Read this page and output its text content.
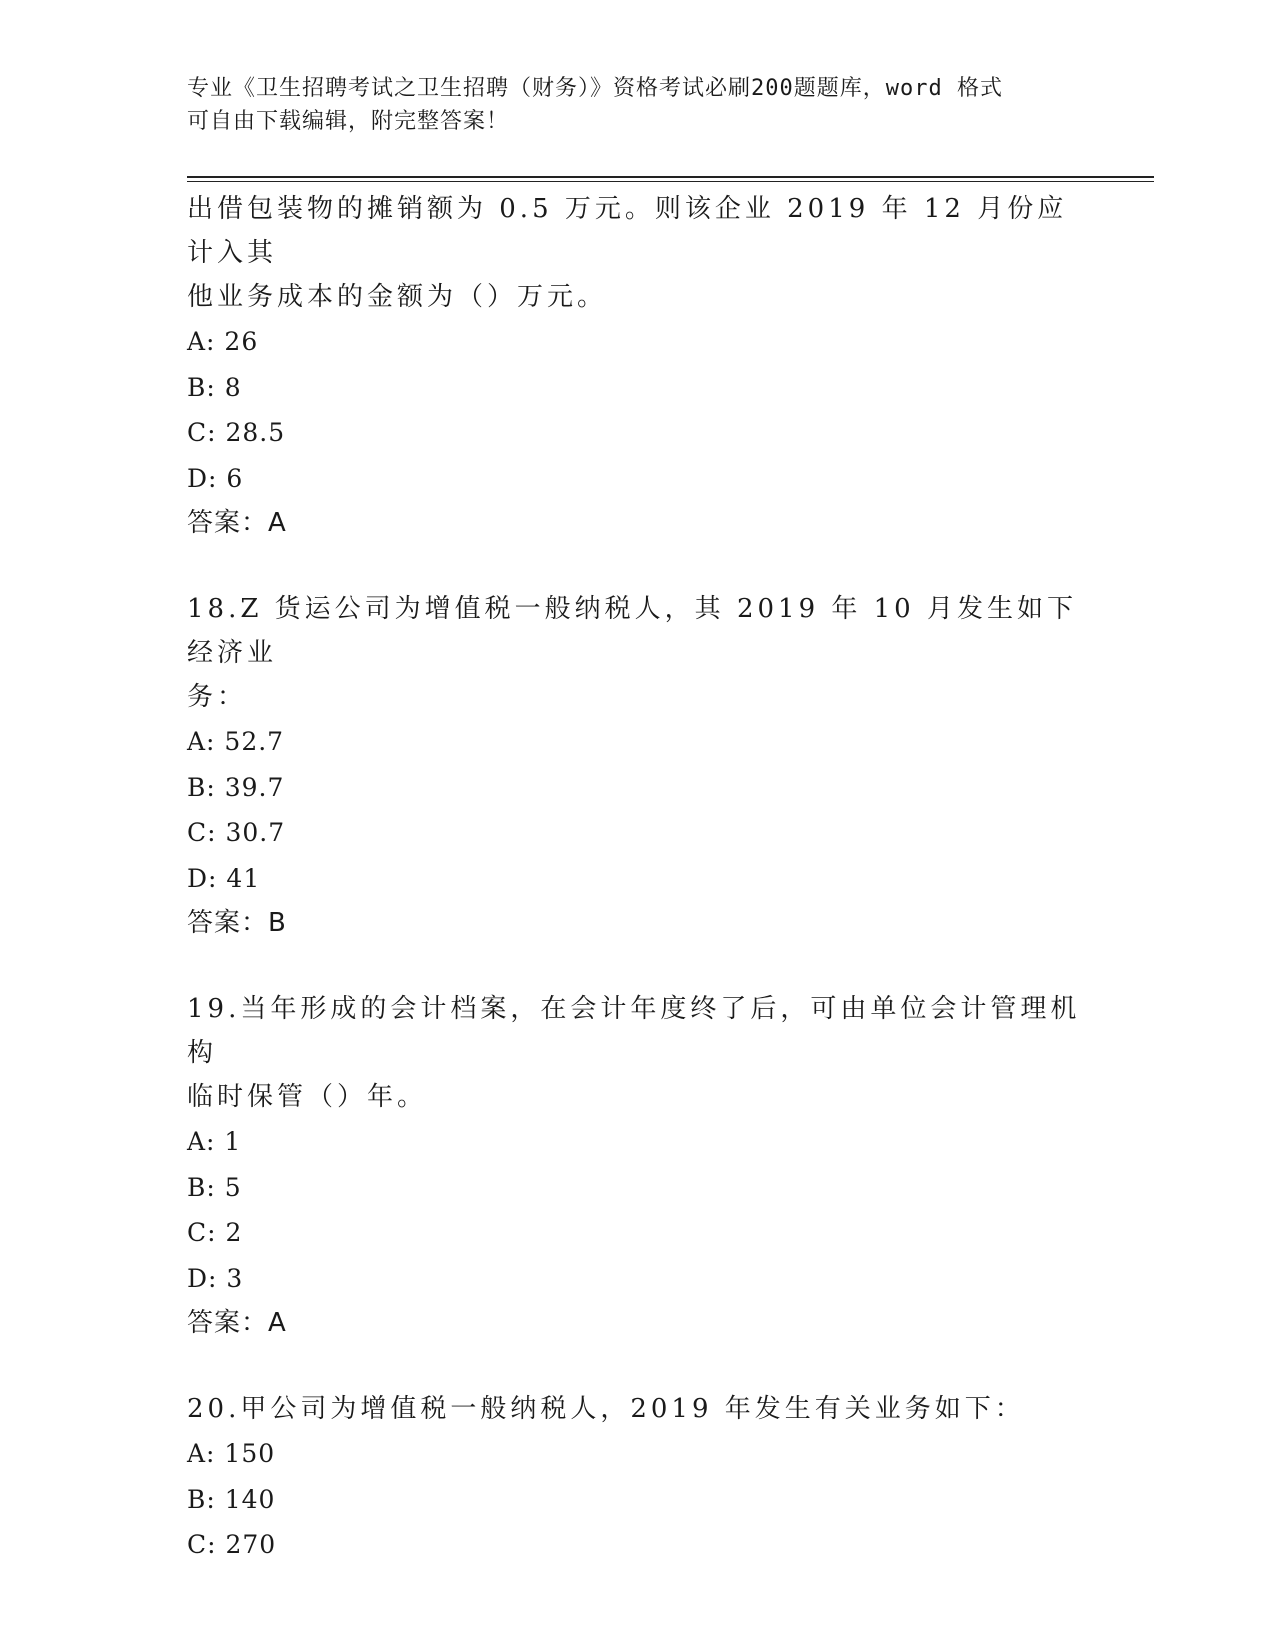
专业《卫生招聘考试之卫生招聘（财务）》资格考试必刷200题题库，word 格式
可自由下载编辑，附完整答案！

出借包装物的摊销额为 0.5 万元。则该企业 2019 年 12 月份应计入其

他业务成本的金额为（）万元。

A: 26

B: 8

C: 28.5

D: 6

答案：A

18.Z 货运公司为增值税一般纳税人，其 2019 年 10 月发生如下经济业

务：

A: 52.7

B: 39.7

C: 30.7

D: 41

答案：B

19.当年形成的会计档案，在会计年度终了后，可由单位会计管理机构

临时保管（）年。

A: 1

B: 5

C: 2

D: 3

答案：A

20.甲公司为增值税一般纳税人，2019 年发生有关业务如下：

A: 150

B: 140

C: 270
